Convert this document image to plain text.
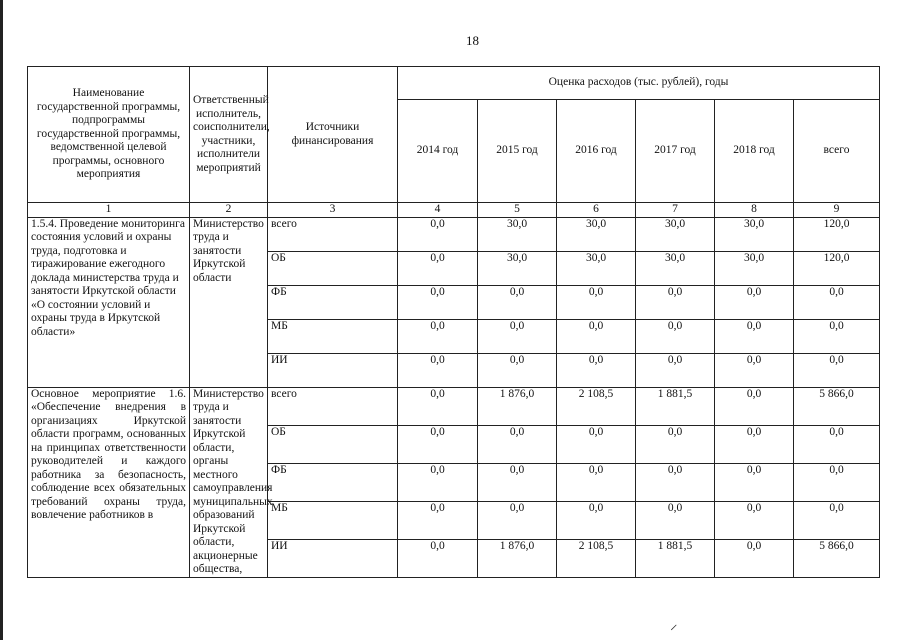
18
Наименование государственной программы, подпрограммы государственной программы, ведомственной целевой программы, основного мероприятия	Ответственный исполнитель, соисполнители, участники, исполнители мероприятий	Источники финансирования	Оценка расходов (тыс. рублей), годы					
			2014 год	2015 год	2016 год	2017 год	2018 год	всего
1	2	3	4	5	6	7	8	9
1.5.4. Проведение мониторинга состояния условий и охраны труда, подготовка и тиражирование ежегодного доклада министерства труда и занятости Иркутской области «О состоянии условий и охраны труда в Иркутской области»	Министерство труда и занятости Иркутской области	всего	0,0	30,0	30,0	30,0	30,0	120,0
		ОБ	0,0	30,0	30,0	30,0	30,0	120,0
		ФБ	0,0	0,0	0,0	0,0	0,0	0,0
		МБ	0,0	0,0	0,0	0,0	0,0	0,0
		ИИ	0,0	0,0	0,0	0,0	0,0	0,0
Основное мероприятие 1.6. «Обеспечение внедрения в организациях Иркутской области программ, основанных на принципах ответственности руководителей и каждого работника за безопасность, соблюдение всех обязательных требований охраны труда, вовлечение работников в	Министерство труда и занятости Иркутской области, органы местного самоуправления муниципальных образований Иркутской области, акционерные общества,	всего	0,0	1 876,0	2 108,5	1 881,5	0,0	5 866,0
		ОБ	0,0	0,0	0,0	0,0	0,0	0,0
		ФБ	0,0	0,0	0,0	0,0	0,0	0,0
		МБ	0,0	0,0	0,0	0,0	0,0	0,0
		ИИ	0,0	1 876,0	2 108,5	1 881,5	0,0	5 866,0
⸝
